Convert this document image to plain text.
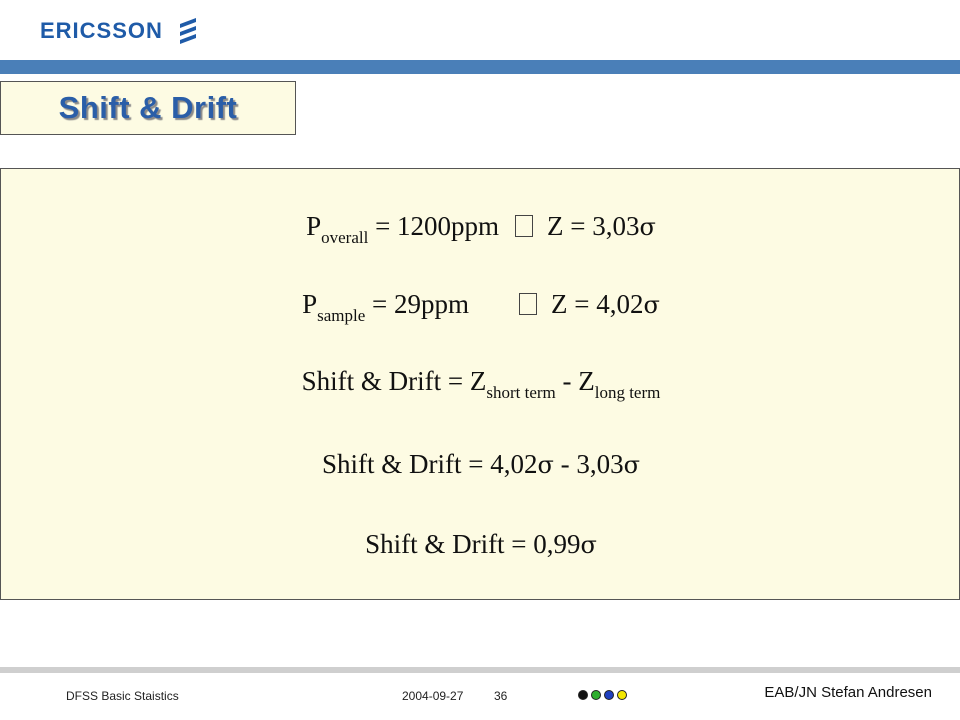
ERICSSON
Shift & Drift
$P_{overall} = 1200ppm$ Z = 3,03σ
$P_{sample} = 29ppm$	Z = 4,02σ
Shift & Drift = $Z_{short term} - Z_{long term}$
Shift & Drift = 4,02σ - 3,03σ
Shift & Drift = 0,99σ
DFSS Basic Staistics	2004-09-27	36	EAB/JN Stefan Andresen
